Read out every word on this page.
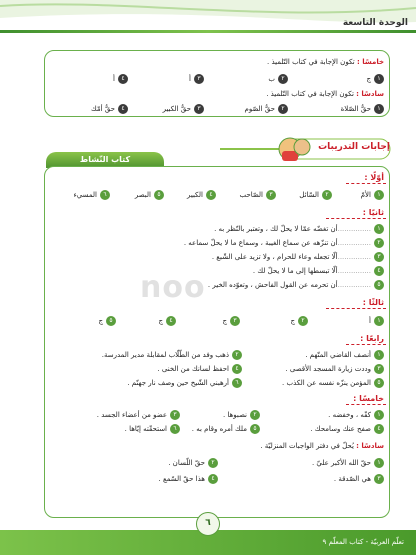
الوحدة التاسعة
خامسًا : تكون الإجابة في كتاب التّلميذ .
١ج
٢ب
٣أ
٤أ
سادسًا : تكون الإجابة في كتاب التّلميذ .
١حقُّ الصّلاة
٢حقُّ الصّوم
٣حقُّ الكبير
٤حقُّ أمّك
إجابات التدريبات
كتاب النّشاط
أوّلًا :
١الأمّ
٢السّائل
٣الصّاحب
٤الكبير
٥البصر
٦المسيء
ثانيًا :
١...............أن تغضّه عمّا لا يحلّ لك ، وتعتبر بالنّظر به .
٢...............أن تنزّهه عن سماع الغيبة ، وسماع ما لا يحلّ سماعه .
٣...............ألّا تجعله وعاء للحرام ، ولا تزيد على الشّبع .
٤...............ألّا تبسطها إلى ما لا يحلّ لك .
٥...............أن تحرمه عن القول الفاحش ، وتعوّده الخير .
noo	ثالثًا :
١أ
٢ج
٣ج
٤ج
٥ج
رابعًا :
١أنصف القاضي المتّهم .
٢ذهب وفد من الطّلّاب لمقابلة مدير المدرسة.
٣وددت زيارة المسجد الأقصى .
٤احفظ لسانك من الخنى .
٥المؤمن ينزّه نفسه عن الكذب .
٦أرهبني الشّيخ حين وصف نار جهنّم .
خامسًا :
١كفّه ، وخفضه .
٢نصبوها .
٣عضو من أعضاء الجسد .
٤صفح عنك وسامحك .
٥ملك أمره وقام به .
٦استحقّته إيّاها .
سادسًا : يُحلّ في دفتر الواجبات المنزليّة .
١حقّ الله الأكبر عليّ .
٢حقّ اللّسان .
٣هي الصّدقة .
٤هذا حقّ السّمع .
٦
تعلّم العربيّة - كتاب المعلّم ٩
